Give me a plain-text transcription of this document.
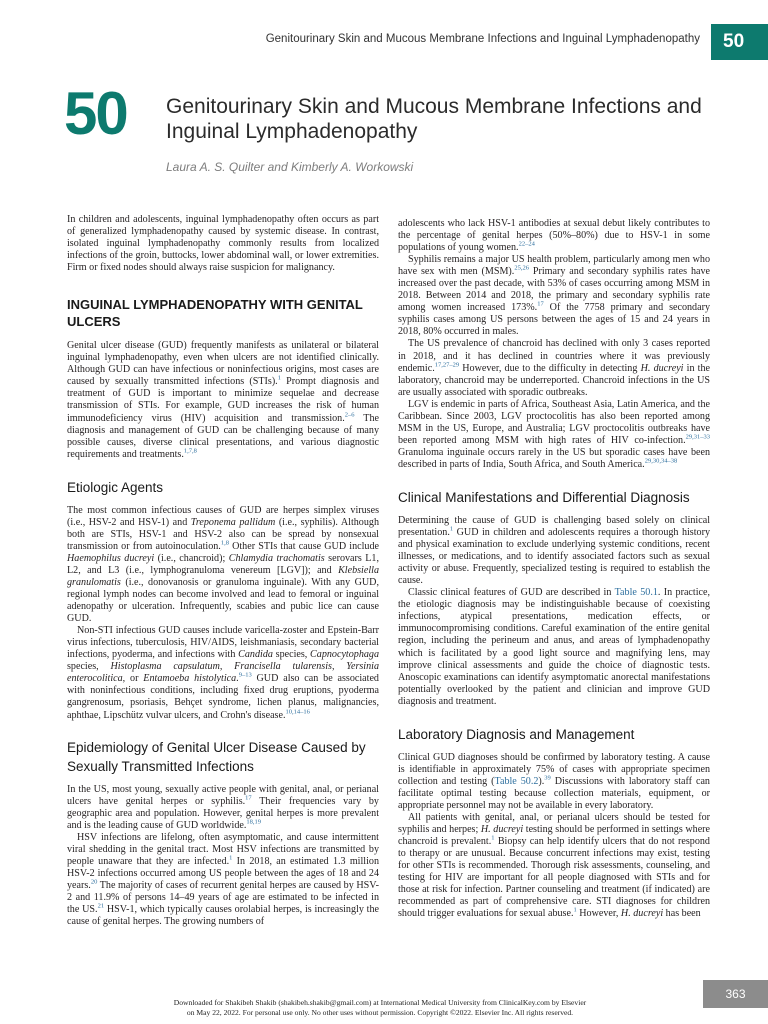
Genitourinary Skin and Mucous Membrane Infections and Inguinal Lymphadenopathy	50
50 Genitourinary Skin and Mucous Membrane Infections and Inguinal Lymphadenopathy
Laura A. S. Quilter and Kimberly A. Workowski

In children and adolescents, inguinal lymphadenopathy often occurs as part of generalized lymphadenopathy caused by systemic disease. In contrast, isolated inguinal lymphadenopathy commonly results from localized infections of the groin, buttocks, lower abdominal wall, or lower extremities. Firm or fixed nodes should always raise suspicion for malignancy.

INGUINAL LYMPHADENOPATHY WITH GENITAL ULCERS

Genital ulcer disease (GUD) frequently manifests as unilateral or bilateral inguinal lymphadenopathy, even when ulcers are not identified clinically. Although GUD can have infectious or noninfectious origins, most cases are caused by sexually transmitted infections (STIs).$^1$ Prompt diagnosis and treatment of GUD is important to minimize sequelae and decrease transmission of STIs. For example, GUD increases the risk of human immunodeficiency virus (HIV) acquisition and transmission.$^{2-6}$ The diagnosis and management of GUD can be challenging because of many possible causes, diverse clinical presentations, and various diagnostic requirements and treatments.$^{1,7,8}$

Etiologic Agents

The most common infectious causes of GUD are herpes simplex viruses (i.e., HSV-2 and HSV-1) and Treponema pallidum (i.e., syphilis). Although both are STIs, HSV-1 and HSV-2 also can be spread by nonsexual transmission or from autoinoculation.$^{1,8}$ Other STIs that cause GUD include Haemophilus ducreyi (i.e., chancroid); Chlamydia trachomatis serovars L1, L2, and L3 (i.e., lymphogranuloma venereum [LGV]); and Klebsiella granulomatis (i.e., donovanosis or granuloma inguinale). With any GUD, regional lymph nodes can become involved and lead to femoral or inguinal adenopathy or ulceration. Infrequently, scabies and pubic lice can cause GUD.

Non-STI infectious GUD causes include varicella-zoster and Epstein-Barr virus infections, tuberculosis, HIV/AIDS, leishmaniasis, secondary bacterial infections, pyoderma, and infections with Candida species, Capnocytophaga species, Histoplasma capsulatum, Francisella tularensis, Yersinia enterocolitica, or Entamoeba histolytica.$^{9-13}$ GUD also can be associated with noninfectious conditions, including fixed drug eruptions, pyoderma gangrenosum, psoriasis, Behçet syndrome, lichen planus, malignancies, aphthae, Lipschütz vulvar ulcers, and Crohn's disease.$^{10,14-16}$

Epidemiology of Genital Ulcer Disease Caused by Sexually Transmitted Infections

In the US, most young, sexually active people with genital, anal, or perianal ulcers have genital herpes or syphilis.$^{17}$ Their frequencies vary by geographic area and population. However, genital herpes is more prevalent and is the leading cause of GUD worldwide.$^{18,19}$

HSV infections are lifelong, often asymptomatic, and cause intermittent viral shedding in the genital tract. Most HSV infections are transmitted by people unaware that they are infected.$^1$ In 2018, an estimated 1.3 million HSV-2 infections occurred among US people between the ages of 18 and 24 years.$^{20}$ The majority of cases of recurrent genital herpes are caused by HSV-2 and 11.9% of persons 14–49 years of age are estimated to be infected in the US.$^{21}$ HSV-1, which typically causes orolabial herpes, is increasingly the cause of genital herpes. The growing numbers of

adolescents who lack HSV-1 antibodies at sexual debut likely contributes to the percentage of genital herpes (50%–80%) due to HSV-1 in some populations of young women.$^{22-24}$

Syphilis remains a major US health problem, particularly among men who have sex with men (MSM).$^{25,26}$ Primary and secondary syphilis rates have increased over the past decade, with 53% of cases occurring among MSM in 2018. Between 2014 and 2018, the primary and secondary syphilis rate among women increased 173%.$^{17}$ Of the 7758 primary and secondary syphilis cases among US persons between the ages of 15 and 24 years in 2018, 80% occurred in males.

The US prevalence of chancroid has declined with only 3 cases reported in 2018, and it has declined in countries where it was previously endemic.$^{17,27-29}$ However, due to the difficulty in detecting H. ducreyi in the laboratory, chancroid may be underreported. Chancroid infections in the US are usually associated with sporadic outbreaks.

LGV is endemic in parts of Africa, Southeast Asia, Latin America, and the Caribbean. Since 2003, LGV proctocolitis has also been reported among MSM in the US, Europe, and Australia; LGV proctocolitis outbreaks have been reported among MSM with high rates of HIV co-infection.$^{29,31-33}$ Granuloma inguinale occurs rarely in the US but sporadic cases have been described in parts of India, South Africa, and South America.$^{29,30,34-38}$

Clinical Manifestations and Differential Diagnosis

Determining the cause of GUD is challenging based solely on clinical presentation.$^1$ GUD in children and adolescents requires a thorough history and physical examination to exclude underlying systemic conditions, recent illnesses, or medications, and to identify associated factors such as sexual activity or abuse. Frequently, specialized testing is required to establish the cause.

Classic clinical features of GUD are described in Table 50.1. In practice, the etiologic diagnosis may be indistinguishable because of coexisting infections, atypical presentations, medication effects, or immunocompromising conditions. Careful examination of the entire genital region, including the perineum and anus, and areas of lymphadenopathy which is facilitated by a good light source and magnifying lens, may improve clinical assessments and guide the choice of diagnostic tests. Anoscopic examinations can identify asymptomatic anorectal manifestations potentially overlooked by the patient and clinician and improve GUD diagnosis and treatment.

Laboratory Diagnosis and Management

Clinical GUD diagnoses should be confirmed by laboratory testing. A cause is identifiable in approximately 75% of cases with appropriate specimen collection and testing (Table 50.2).$^{39}$ Discussions with laboratory staff can facilitate optimal testing because collection materials, equipment, or appropriate personnel may not be available in every laboratory.

All patients with genital, anal, or perianal ulcers should be tested for syphilis and herpes; H. ducreyi testing should be performed in settings where chancroid is prevalent.$^1$ Biopsy can help identify ulcers that do not respond to therapy or are unusual. Because concurrent infections may exist, testing for other STIs is recommended. Thorough risk assessments, counseling, and testing for HIV are important for all people diagnosed with STIs and for those at risk for infection. Partner counseling and treatment (if indicated) are recommended as part of comprehensive care. STI diagnoses for children should trigger evaluations for sexual abuse.$^1$ However, H. ducreyi has been

363
Downloaded for Shakibeh Shakib (shakibeh.shakib@gmail.com) at International Medical University from ClinicalKey.com by Elsevier
on May 22, 2022. For personal use only. No other uses without permission. Copyright ©2022. Elsevier Inc. All rights reserved.
